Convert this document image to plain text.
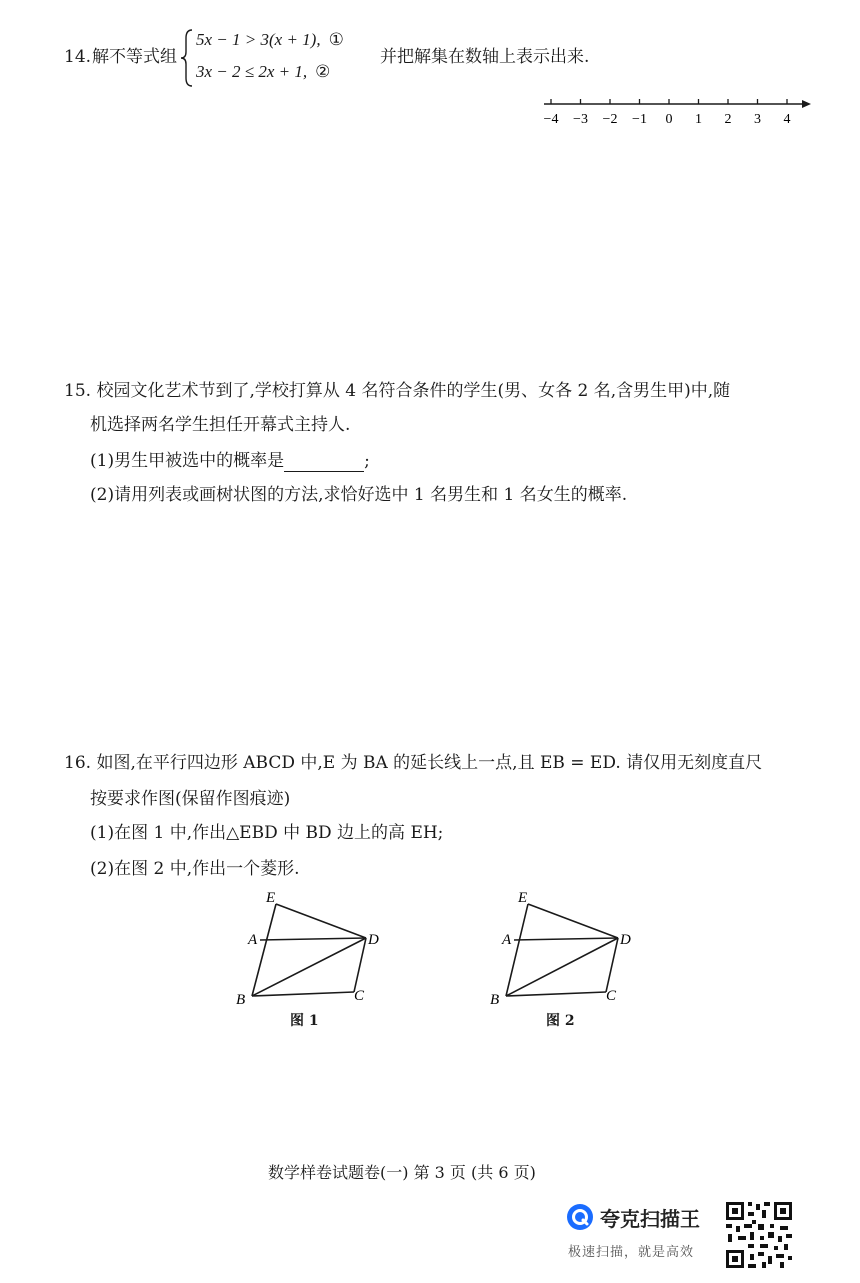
14. 解不等式组
5x − 1 > 3(x + 1), ①
3x − 2 ≤ 2x + 1, ②
并把解集在数轴上表示出来.
−4 −3 −2 −1 0 1 2 3 4
15. 校园文化艺术节到了,学校打算从 4 名符合条件的学生(男、女各 2 名,含男生甲)中,随
机选择两名学生担任开幕式主持人.
(1)男生甲被选中的概率是	;
(2)请用列表或画树状图的方法,求恰好选中 1 名男生和 1 名女生的概率.
16. 如图,在平行四边形 ABCD 中,E 为 BA 的延长线上一点,且 EB = ED. 请仅用无刻度直尺
按要求作图(保留作图痕迹)
(1)在图 1 中,作出△EBD 中 BD 边上的高 EH;
(2)在图 2 中,作出一个菱形.
E
A	D
B	C
图 1
E
A	D
B	C
图 2
数学样卷试题卷(一) 第 3 页 (共 6 页)
夸克扫描王
极速扫描，就是高效
